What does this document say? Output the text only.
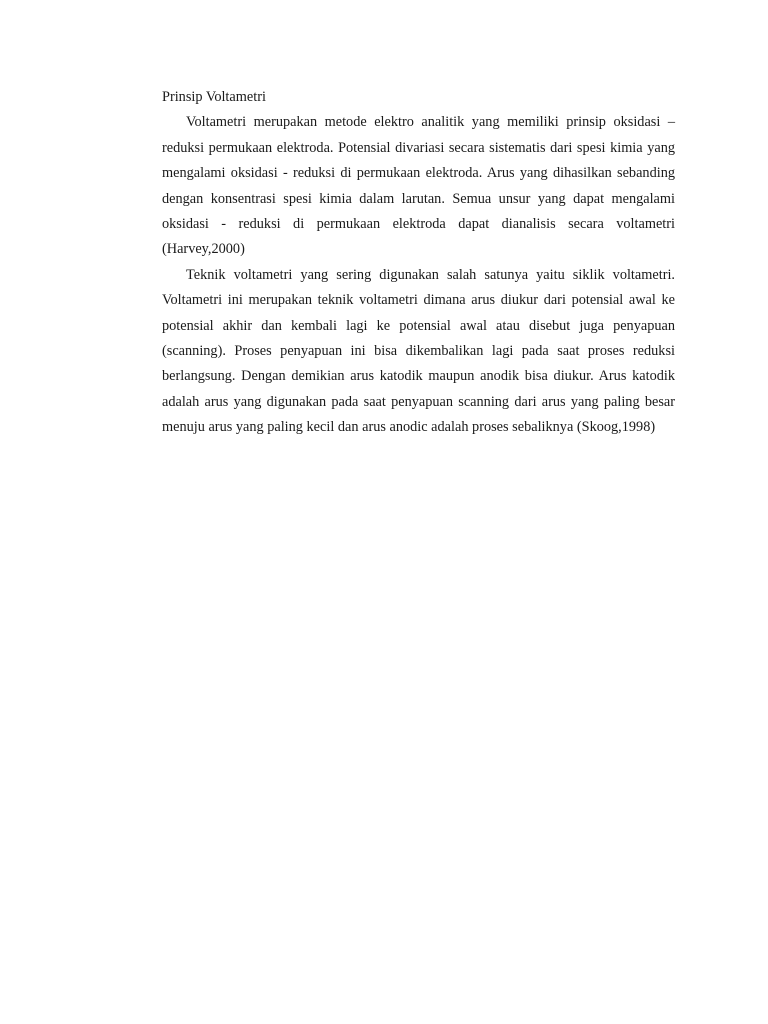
Prinsip Voltametri

Voltametri merupakan metode elektro analitik yang memiliki prinsip oksidasi – reduksi permukaan elektroda. Potensial divariasi secara sistematis dari spesi kimia yang mengalami oksidasi - reduksi di permukaan elektroda. Arus yang dihasilkan sebanding dengan konsentrasi spesi kimia dalam larutan. Semua unsur yang dapat mengalami oksidasi - reduksi di permukaan elektroda dapat dianalisis secara voltametri (Harvey,2000)

Teknik voltametri yang sering digunakan salah satunya yaitu siklik voltametri. Voltametri ini merupakan teknik voltametri dimana arus diukur dari potensial awal ke potensial akhir dan kembali lagi ke potensial awal atau disebut juga penyapuan (scanning). Proses penyapuan ini bisa dikembalikan lagi pada saat proses reduksi berlangsung. Dengan demikian arus katodik maupun anodik bisa diukur. Arus katodik adalah arus yang digunakan pada saat penyapuan scanning dari arus yang paling besar menuju arus yang paling kecil dan arus anodic adalah proses sebaliknya (Skoog,1998)
